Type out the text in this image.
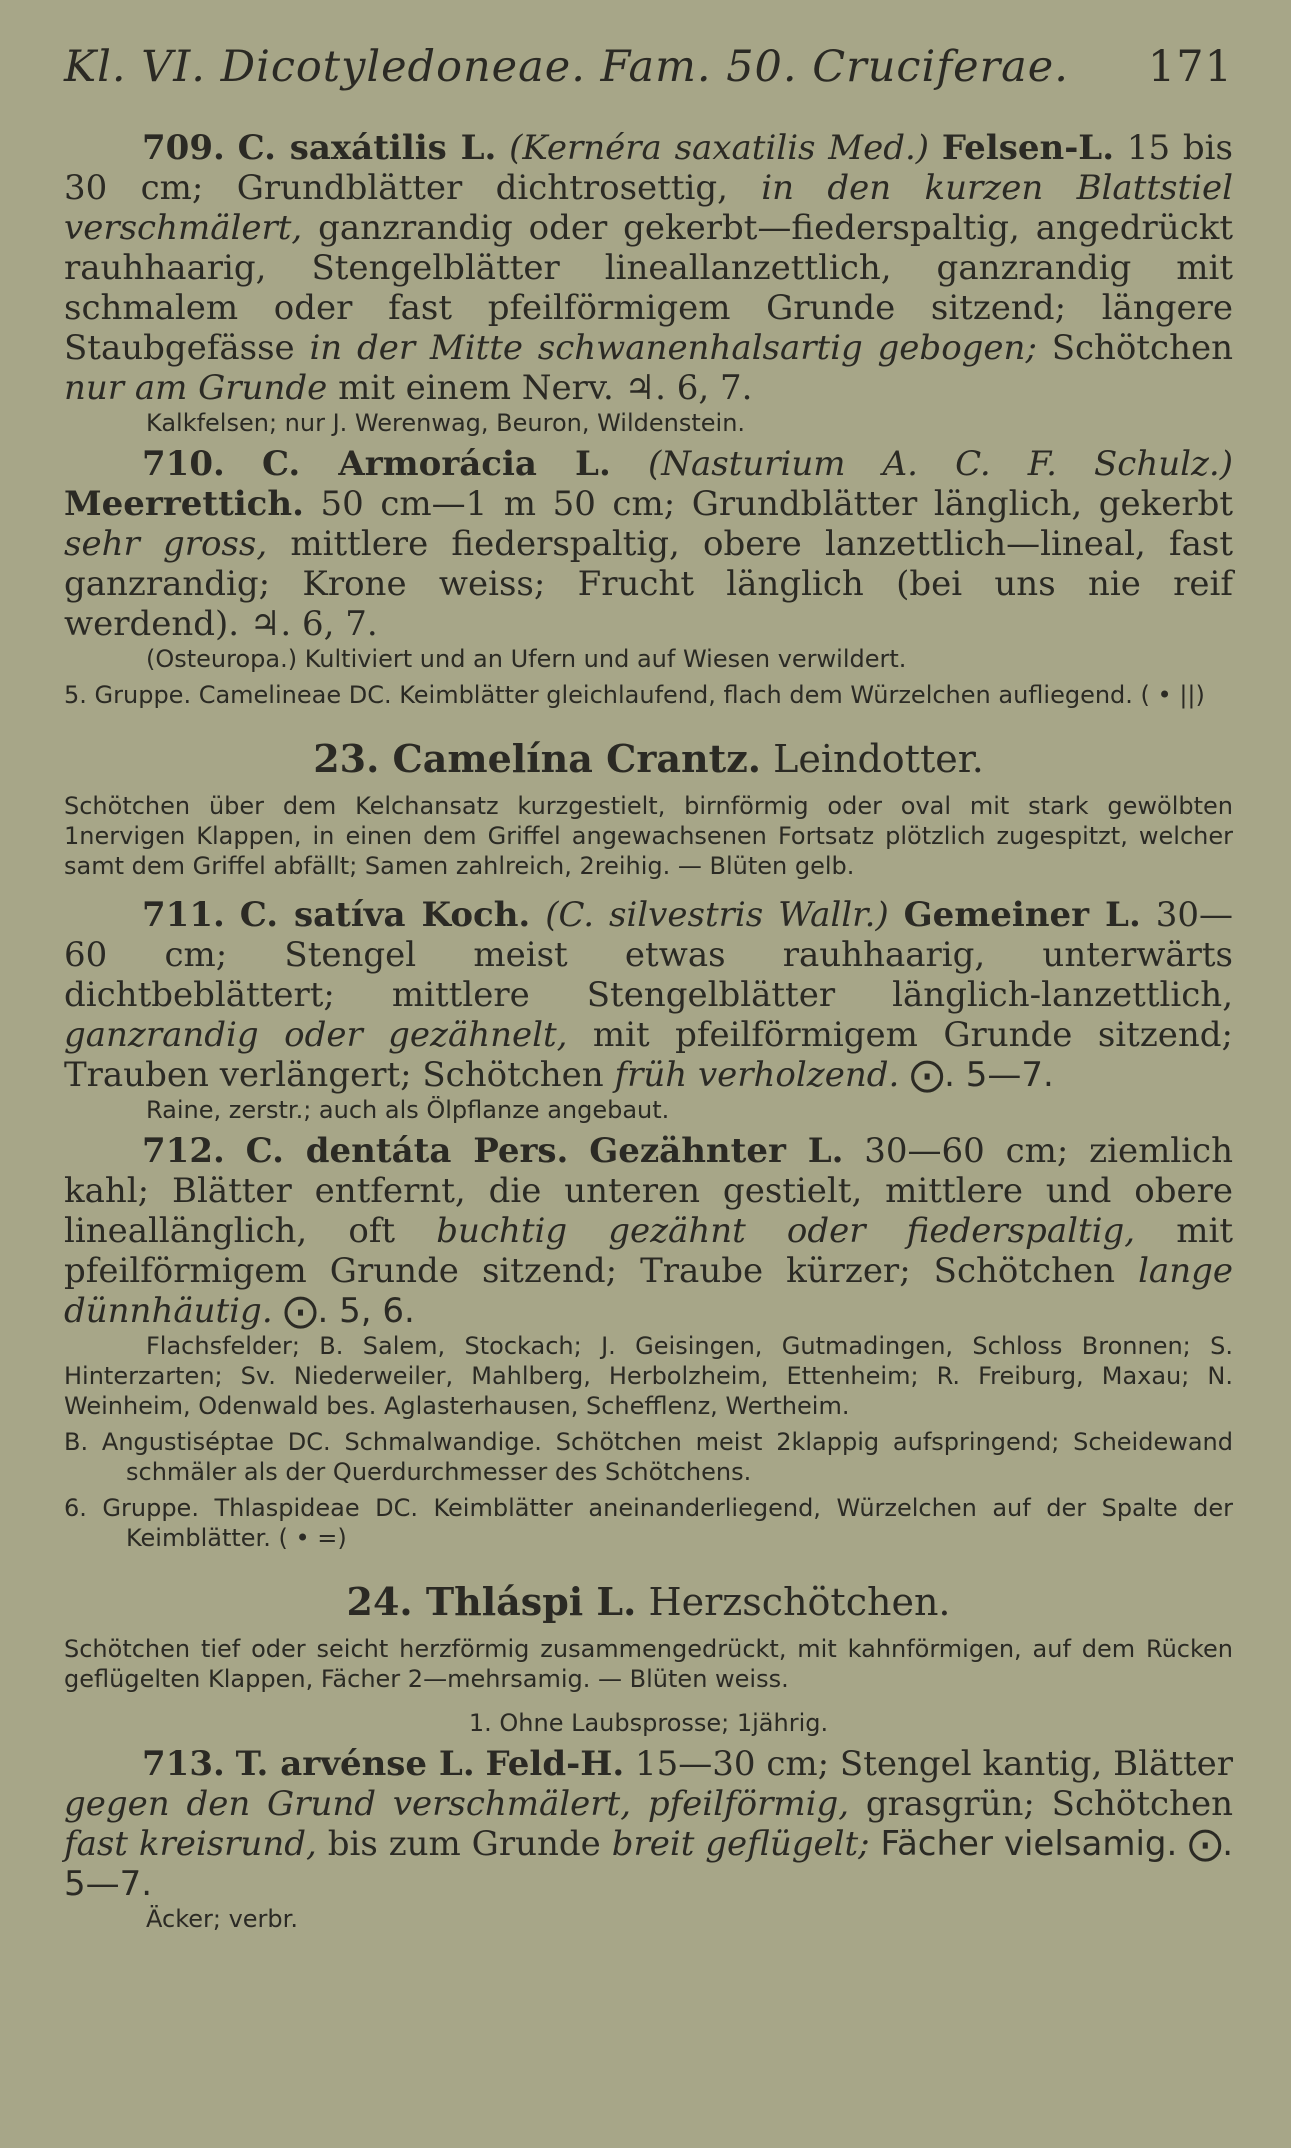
Kl. VI. Dicotyledoneae. Fam. 50. Cruciferae. 171

709. C. saxátilis L. (Kernéra saxatilis Med.) Felsen-L. 15 bis 30 cm; Grundblätter dichtrosettig, in den kurzen Blattstiel verschmälert, ganzrandig oder gekerbt—fiederspaltig, angedrückt rauhhaarig, Stengelblätter lineallanzettlich, ganzrandig mit schmalem oder fast pfeilförmigem Grunde sitzend; längere Staubgefässe in der Mitte schwanenhalsartig gebogen; Schötchen nur am Grunde mit einem Nerv. ♃. 6, 7.

Kalkfelsen; nur J. Werenwag, Beuron, Wildenstein.

710. C. Armorácia L. (Nasturium A. C. F. Schulz.) Meerrettich. 50 cm—1 m 50 cm; Grundblätter länglich, gekerbt sehr gross, mittlere fiederspaltig, obere lanzettlich—lineal, fast ganzrandig; Krone weiss; Frucht länglich (bei uns nie reif werdend). ♃. 6, 7.

(Osteuropa.) Kultiviert und an Ufern und auf Wiesen verwildert.

5. Gruppe. Camelineae DC. Keimblätter gleichlaufend, flach dem Würzelchen aufliegend. ( • ||)

23. Camelína Crantz. Leindotter.

Schötchen über dem Kelchansatz kurzgestielt, birnförmig oder oval mit stark gewölbten 1nervigen Klappen, in einen dem Griffel angewachsenen Fortsatz plötzlich zugespitzt, welcher samt dem Griffel abfällt; Samen zahlreich, 2reihig. — Blüten gelb.

711. C. satíva Koch. (C. silvestris Wallr.) Gemeiner L. 30—60 cm; Stengel meist etwas rauhhaarig, unterwärts dichtbeblättert; mittlere Stengelblätter länglich-lanzettlich, ganzrandig oder gezähnelt, mit pfeilförmigem Grunde sitzend; Trauben verlängert; Schötchen früh verholzend. ⨀. 5—7.

Raine, zerstr.; auch als Ölpflanze angebaut.

712. C. dentáta Pers. Gezähnter L. 30—60 cm; ziemlich kahl; Blätter entfernt, die unteren gestielt, mittlere und obere lineallänglich, oft buchtig gezähnt oder fiederspaltig, mit pfeilförmigem Grunde sitzend; Traube kürzer; Schötchen lange dünnhäutig. ⨀. 5, 6.

Flachsfelder; B. Salem, Stockach; J. Geisingen, Gutmadingen, Schloss Bronnen; S. Hinterzarten; Sv. Niederweiler, Mahlberg, Herbolzheim, Ettenheim; R. Freiburg, Maxau; N. Weinheim, Odenwald bes. Aglasterhausen, Schefflenz, Wertheim.

B. Angustiséptae DC. Schmalwandige. Schötchen meist 2klappig aufspringend; Scheidewand schmäler als der Querdurchmesser des Schötchens.

6. Gruppe. Thlaspideae DC. Keimblätter aneinanderliegend, Würzelchen auf der Spalte der Keimblätter. ( • =)

24. Thláspi L. Herzschötchen.

Schötchen tief oder seicht herzförmig zusammengedrückt, mit kahnförmigen, auf dem Rücken geflügelten Klappen, Fächer 2—mehrsamig. — Blüten weiss.

1. Ohne Laubsprosse; 1jährig.

713. T. arvénse L. Feld-H. 15—30 cm; Stengel kantig, Blätter gegen den Grund verschmälert, pfeilförmig, grasgrün; Schötchen fast kreisrund, bis zum Grunde breit geflügelt; Fächer vielsamig. ⨀. 5—7.

Äcker; verbr.
